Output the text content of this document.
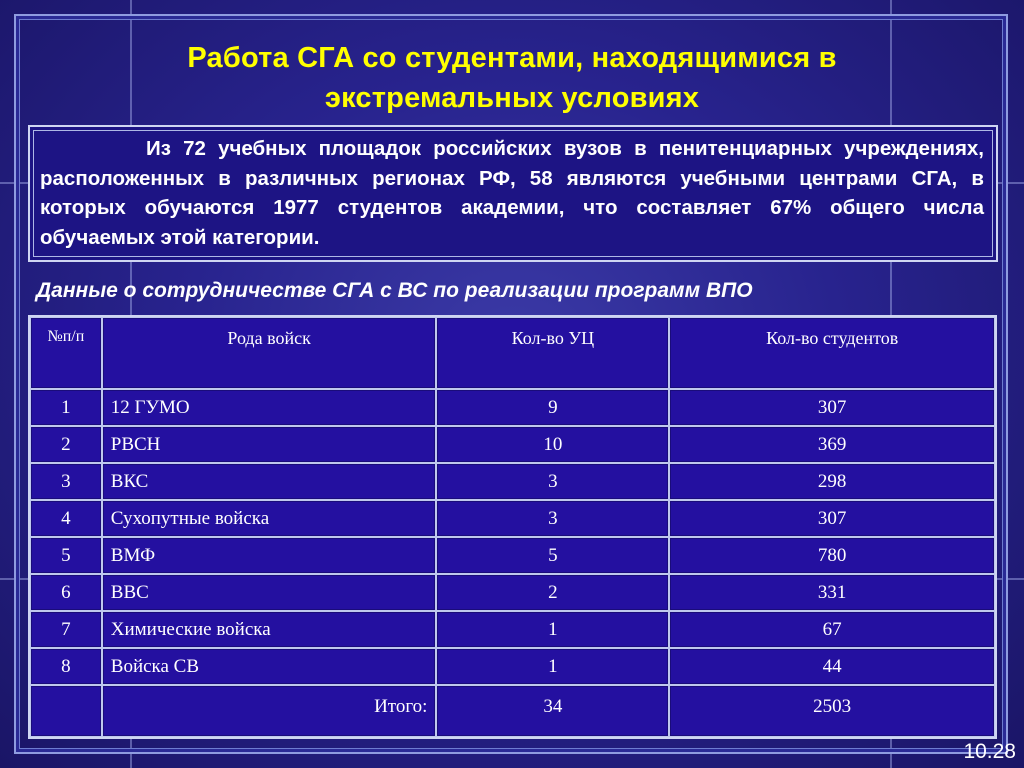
Работа СГА со студентами, находящимися в
экстремальных условиях
Из 72 учебных площадок российских вузов в пенитенциарных учреждениях, расположенных в различных регионах РФ, 58 являются учебными центрами СГА, в которых обучаются 1977 студентов академии, что составляет 67% общего числа обучаемых этой категории.
Данные о сотрудничестве СГА с ВС по реализации программ ВПО
№п/п	Рода войск	Кол-во УЦ	Кол-во студентов
1	12 ГУМО	9	307
2	РВСН	10	369
3	ВКС	3	298
4	Сухопутные войска	3	307
5	ВМФ	5	780
6	ВВС	2	331
7	Химические войска	1	67
8	Войска СВ	1	44
	Итого:	34	2503
10.28
